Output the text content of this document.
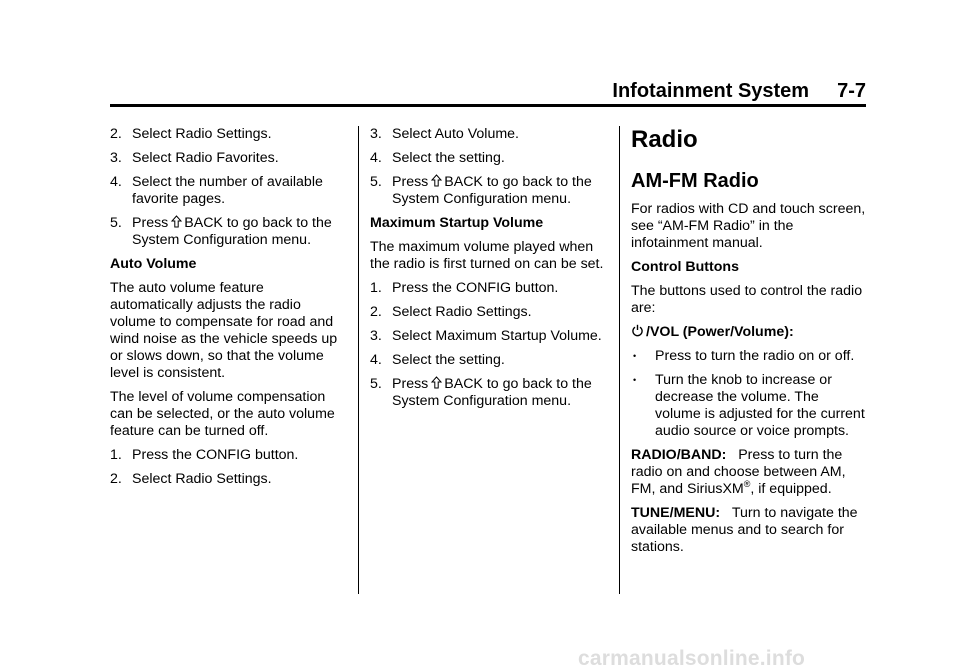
Infotainment System 7-7
2. Select Radio Settings.
3. Select Radio Favorites.
4. Select the number of available favorite pages.
5. Press BACK to go back to the System Configuration menu.
Auto Volume
The auto volume feature automatically adjusts the radio volume to compensate for road and wind noise as the vehicle speeds up or slows down, so that the volume level is consistent.
The level of volume compensation can be selected, or the auto volume feature can be turned off.
1. Press the CONFIG button.
2. Select Radio Settings.
3. Select Auto Volume.
4. Select the setting.
5. Press BACK to go back to the System Configuration menu.
Maximum Startup Volume
The maximum volume played when the radio is first turned on can be set.
1. Press the CONFIG button.
2. Select Radio Settings.
3. Select Maximum Startup Volume.
4. Select the setting.
5. Press BACK to go back to the System Configuration menu.
Radio
AM-FM Radio
For radios with CD and touch screen, see “AM-FM Radio” in the infotainment manual.
Control Buttons
The buttons used to control the radio are:
/VOL (Power/Volume):
•	Press to turn the radio on or off.
•	Turn the knob to increase or decrease the volume. The volume is adjusted for the current audio source or voice prompts.
RADIO/BAND: Press to turn the radio on and choose between AM, FM, and SiriusXM®, if equipped.
TUNE/MENU: Turn to navigate the available menus and to search for stations.
carmanualsonline.info
